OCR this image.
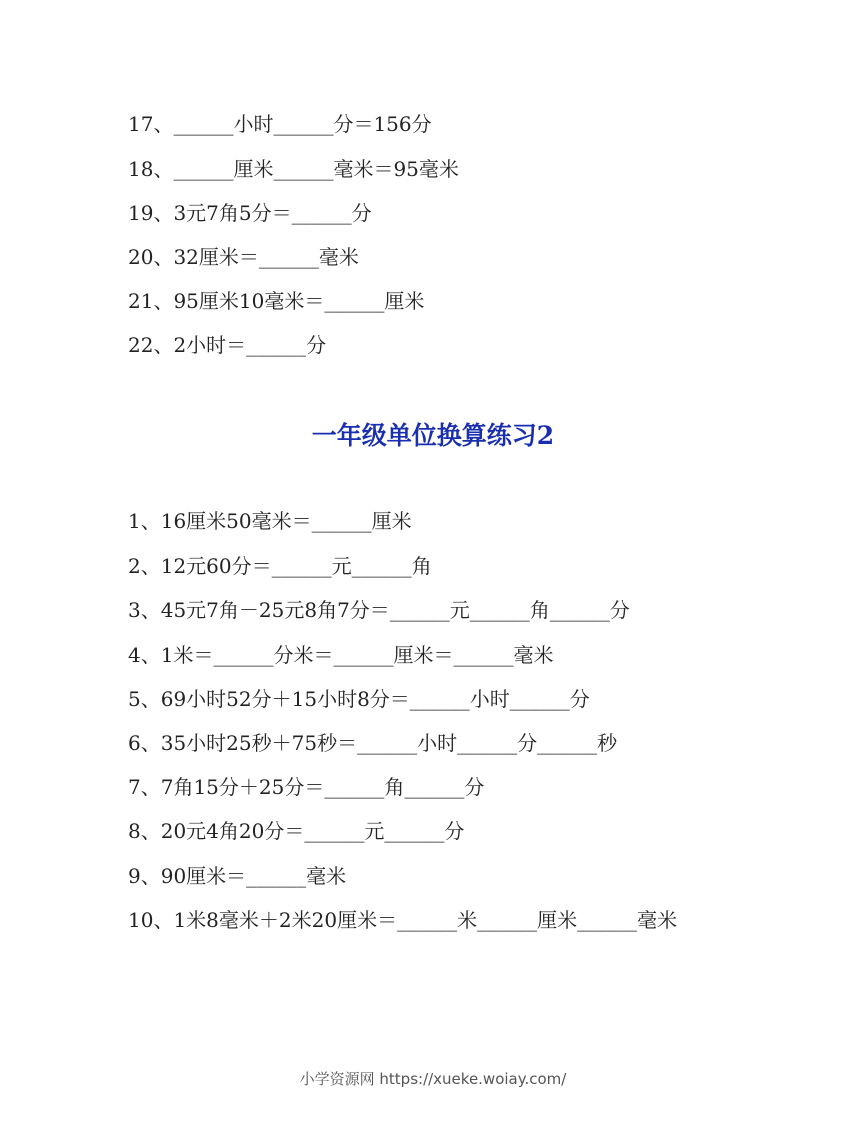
17、______小时______分＝156分
18、______厘米______毫米＝95毫米
19、3元7角5分＝______分
20、32厘米＝______毫米
21、95厘米10毫米＝______厘米
22、2小时＝______分
一年级单位换算练习2
1、16厘米50毫米＝______厘米
2、12元60分＝______元______角
3、45元7角－25元8角7分＝______元______角______分
4、1米＝______分米＝______厘米＝______毫米
5、69小时52分＋15小时8分＝______小时______分
6、35小时25秒＋75秒＝______小时______分______秒
7、7角15分＋25分＝______角______分
8、20元4角20分＝______元______分
9、90厘米＝______毫米
10、1米8毫米＋2米20厘米＝______米______厘米______毫米
小学资源网 https://xueke.woiay.com/
